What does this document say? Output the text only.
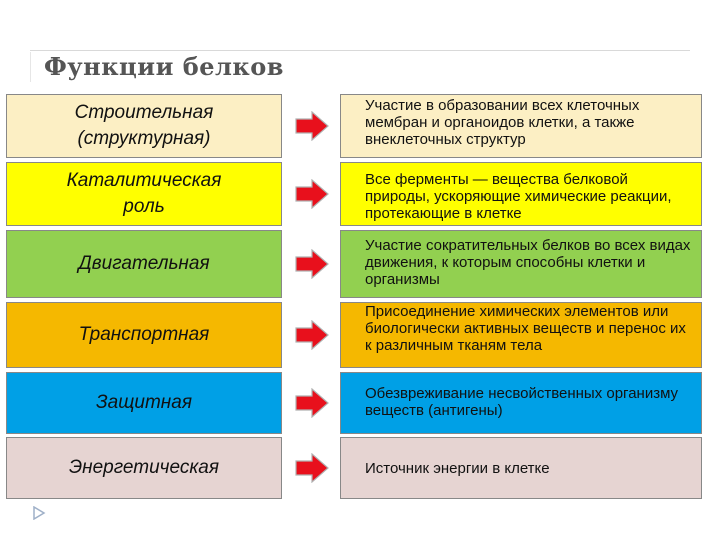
Функции белков
Строительная
(структурная)
Участие в образовании всех клеточных мембран и органоидов клетки, а также внеклеточных структур
Каталитическая
роль
Все ферменты — вещества белковой природы, ускоряющие химические реакции, протекающие в клетке
Двигательная
Участие сократительных белков во всех видах движения, к которым способны клетки и организмы
Транспортная
Присоединение химических элементов или биологически активных веществ и перенос их к различным тканям тела
Защитная	Обезвреживание несвойственных организму веществ (антигены)
Энергетическая	Источник энергии в клетке
